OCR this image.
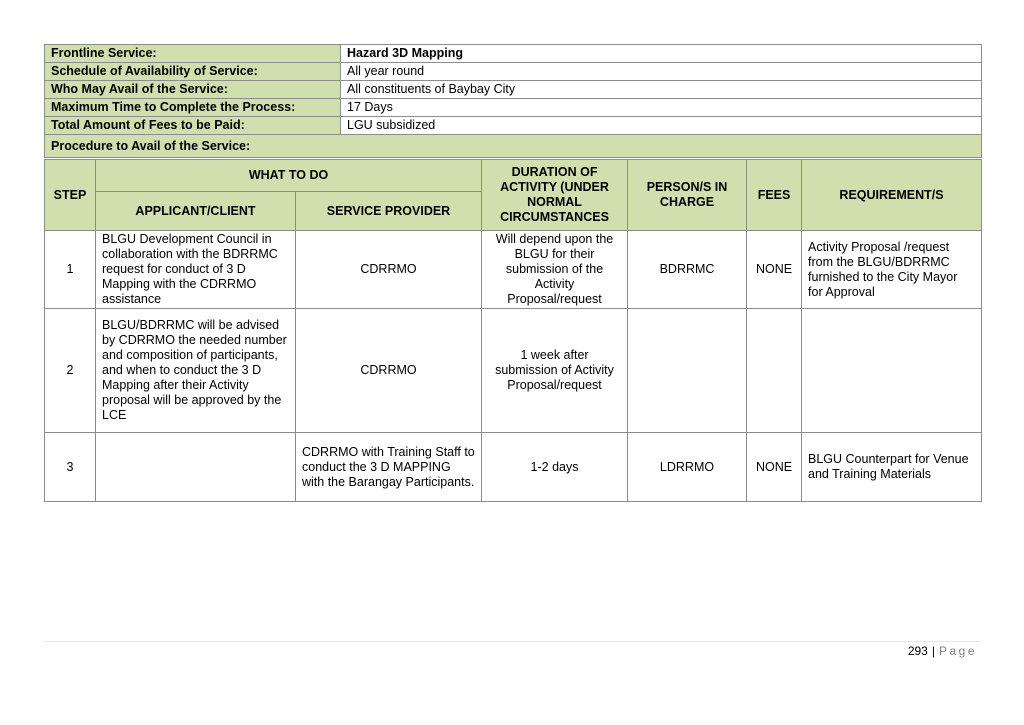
Frontline Service:	Hazard 3D Mapping
Schedule of Availability of Service:	All year round
Who May Avail of the Service:	All constituents of Baybay City
Maximum Time to Complete the Process:	17 Days
Total Amount of Fees to be Paid:	LGU subsidized
Procedure to Avail of the Service:	
STEP	WHAT TO DO		DURATION OF ACTIVITY (UNDER NORMAL CIRCUMSTANCES	PERSON/S IN CHARGE	FEES	REQUIREMENT/S
	APPLICANT/CLIENT	SERVICE PROVIDER				
1	BLGU Development Council in collaboration with the BDRRMC request for conduct of 3 D Mapping with the CDRRMO assistance	CDRRMO	Will depend upon the BLGU for their submission of the Activity Proposal/request	BDRRMC	NONE	Activity Proposal /request from the BLGU/BDRRMC furnished to the City Mayor for Approval
2	BLGU/BDRRMC will be advised by CDRRMO the needed number and composition of participants, and when to conduct the 3 D Mapping after their Activity proposal will be approved by the LCE	CDRRMO	1 week after submission of Activity Proposal/request			
3		CDRRMO with Training Staff to conduct the 3 D MAPPING with the Barangay Participants.	1-2 days	LDRRMO	NONE	BLGU Counterpart for Venue and Training Materials
293 | Page
